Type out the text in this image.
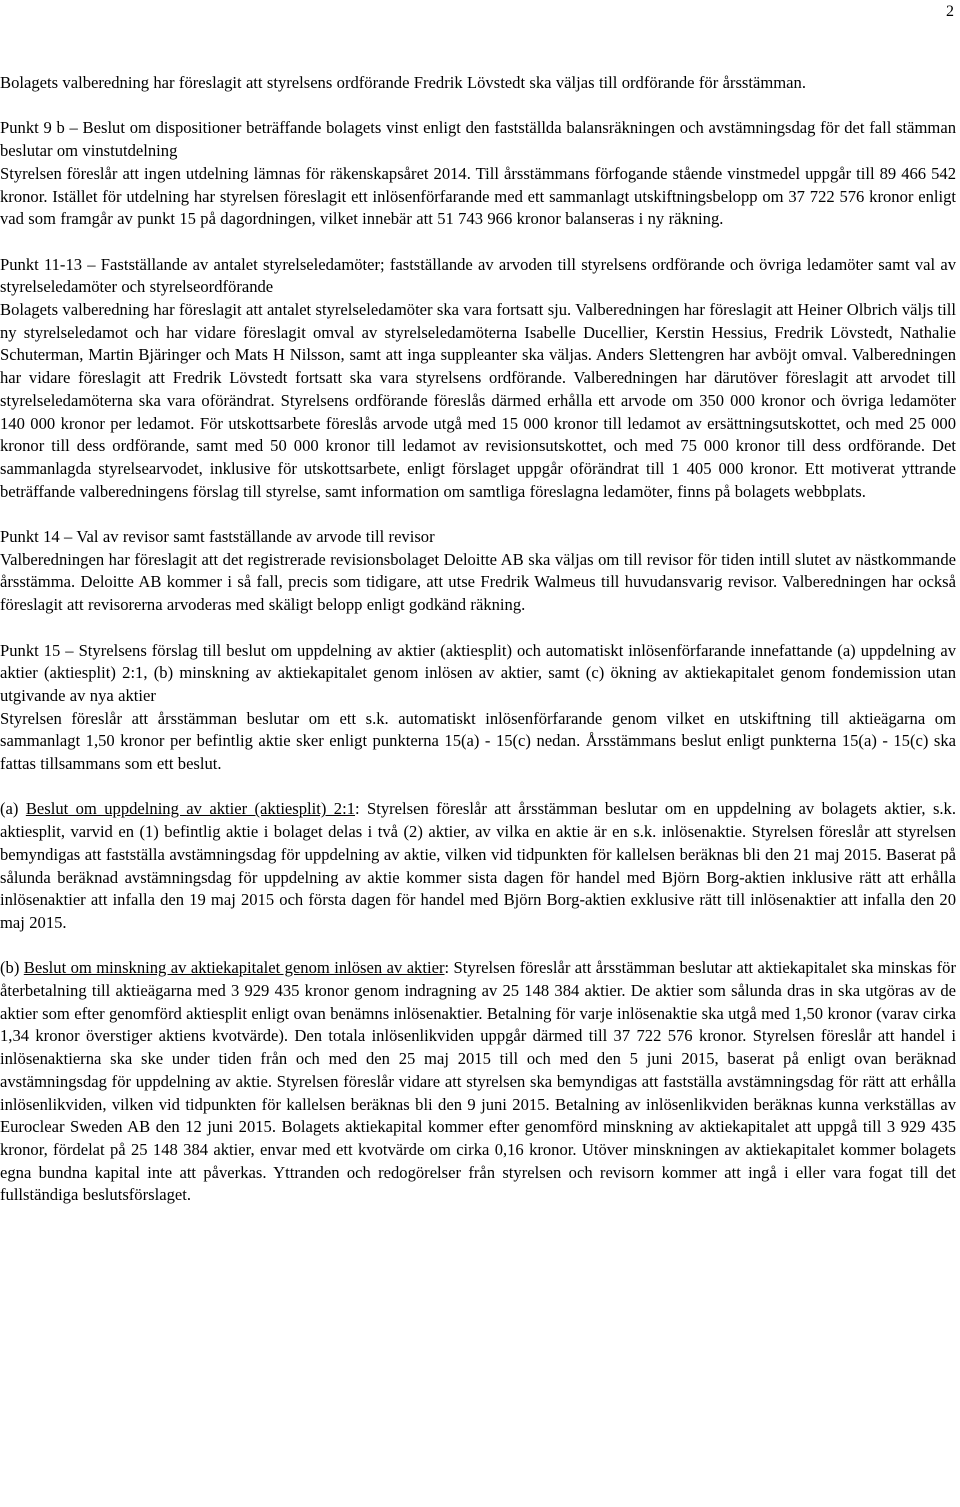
2

Bolagets valberedning har föreslagit att styrelsens ordförande Fredrik Lövstedt ska väljas till ordförande för årsstämman.

Punkt 9 b – Beslut om dispositioner beträffande bolagets vinst enligt den fastställda balansräkningen och avstämningsdag för det fall stämman beslutar om vinstutdelning
Styrelsen föreslår att ingen utdelning lämnas för räkenskapsåret 2014. Till årsstämmans förfogande stående vinstmedel uppgår till 89 466 542 kronor. Istället för utdelning har styrelsen föreslagit ett inlösenförfarande med ett sammanlagt utskiftningsbelopp om 37 722 576 kronor enligt vad som framgår av punkt 15 på dagordningen, vilket innebär att 51 743 966 kronor balanseras i ny räkning.

Punkt 11-13 – Fastställande av antalet styrelseledamöter; fastställande av arvoden till styrelsens ordförande och övriga ledamöter samt val av styrelseledamöter och styrelseordförande
Bolagets valberedning har föreslagit att antalet styrelseledamöter ska vara fortsatt sju. Valberedningen har föreslagit att Heiner Olbrich väljs till ny styrelseledamot och har vidare föreslagit omval av styrelseledamöterna Isabelle Ducellier, Kerstin Hessius, Fredrik Lövstedt, Nathalie Schuterman, Martin Bjäringer och Mats H Nilsson, samt att inga suppleanter ska väljas. Anders Slettengren har avböjt omval. Valberedningen har vidare föreslagit att Fredrik Lövstedt fortsatt ska vara styrelsens ordförande. Valberedningen har därutöver föreslagit att arvodet till styrelseledamöterna ska vara oförändrat. Styrelsens ordförande föreslås därmed erhålla ett arvode om 350 000 kronor och övriga ledamöter 140 000 kronor per ledamot. För utskottsarbete föreslås arvode utgå med 15 000 kronor till ledamot av ersättningsutskottet, och med 25 000 kronor till dess ordförande, samt med 50 000 kronor till ledamot av revisionsutskottet, och med 75 000 kronor till dess ordförande. Det sammanlagda styrelsearvodet, inklusive för utskottsarbete, enligt förslaget uppgår oförändrat till 1 405 000 kronor. Ett motiverat yttrande beträffande valberedningens förslag till styrelse, samt information om samtliga föreslagna ledamöter, finns på bolagets webbplats.

Punkt 14 – Val av revisor samt fastställande av arvode till revisor
Valberedningen har föreslagit att det registrerade revisionsbolaget Deloitte AB ska väljas om till revisor för tiden intill slutet av nästkommande årsstämma. Deloitte AB kommer i så fall, precis som tidigare, att utse Fredrik Walmeus till huvudansvarig revisor. Valberedningen har också föreslagit att revisorerna arvoderas med skäligt belopp enligt godkänd räkning.

Punkt 15 – Styrelsens förslag till beslut om uppdelning av aktier (aktiesplit) och automatiskt inlösenförfarande innefattande (a) uppdelning av aktier (aktiesplit) 2:1, (b) minskning av aktiekapitalet genom inlösen av aktier, samt (c) ökning av aktiekapitalet genom fondemission utan utgivande av nya aktier
Styrelsen föreslår att årsstämman beslutar om ett s.k. automatiskt inlösenförfarande genom vilket en utskiftning till aktieägarna om sammanlagt 1,50 kronor per befintlig aktie sker enligt punkterna 15(a) - 15(c) nedan. Årsstämmans beslut enligt punkterna 15(a) - 15(c) ska fattas tillsammans som ett beslut.

(a) Beslut om uppdelning av aktier (aktiesplit) 2:1: Styrelsen föreslår att årsstämman beslutar om en uppdelning av bolagets aktier, s.k. aktiesplit, varvid en (1) befintlig aktie i bolaget delas i två (2) aktier, av vilka en aktie är en s.k. inlösenaktie. Styrelsen föreslår att styrelsen bemyndigas att fastställa avstämningsdag för uppdelning av aktie, vilken vid tidpunkten för kallelsen beräknas bli den 21 maj 2015. Baserat på sålunda beräknad avstämningsdag för uppdelning av aktie kommer sista dagen för handel med Björn Borg-aktien inklusive rätt att erhålla inlösenaktier att infalla den 19 maj 2015 och första dagen för handel med Björn Borg-aktien exklusive rätt till inlösenaktier att infalla den 20 maj 2015.

(b) Beslut om minskning av aktiekapitalet genom inlösen av aktier: Styrelsen föreslår att årsstämman beslutar att aktiekapitalet ska minskas för återbetalning till aktieägarna med 3 929 435 kronor genom indragning av 25 148 384 aktier. De aktier som sålunda dras in ska utgöras av de aktier som efter genomförd aktiesplit enligt ovan benämns inlösenaktier. Betalning för varje inlösenaktie ska utgå med 1,50 kronor (varav cirka 1,34 kronor överstiger aktiens kvotvärde). Den totala inlösenlikviden uppgår därmed till 37 722 576 kronor. Styrelsen föreslår att handel i inlösenaktierna ska ske under tiden från och med den 25 maj 2015 till och med den 5 juni 2015, baserat på enligt ovan beräknad avstämningsdag för uppdelning av aktie. Styrelsen föreslår vidare att styrelsen ska bemyndigas att fastställa avstämningsdag för rätt att erhålla inlösenlikviden, vilken vid tidpunkten för kallelsen beräknas bli den 9 juni 2015. Betalning av inlösenlikviden beräknas kunna verkställas av Euroclear Sweden AB den 12 juni 2015. Bolagets aktiekapital kommer efter genomförd minskning av aktiekapitalet att uppgå till 3 929 435 kronor, fördelat på 25 148 384 aktier, envar med ett kvotvärde om cirka 0,16 kronor. Utöver minskningen av aktiekapitalet kommer bolagets egna bundna kapital inte att påverkas. Yttranden och redogörelser från styrelsen och revisorn kommer att ingå i eller vara fogat till det fullständiga beslutsförslaget.
